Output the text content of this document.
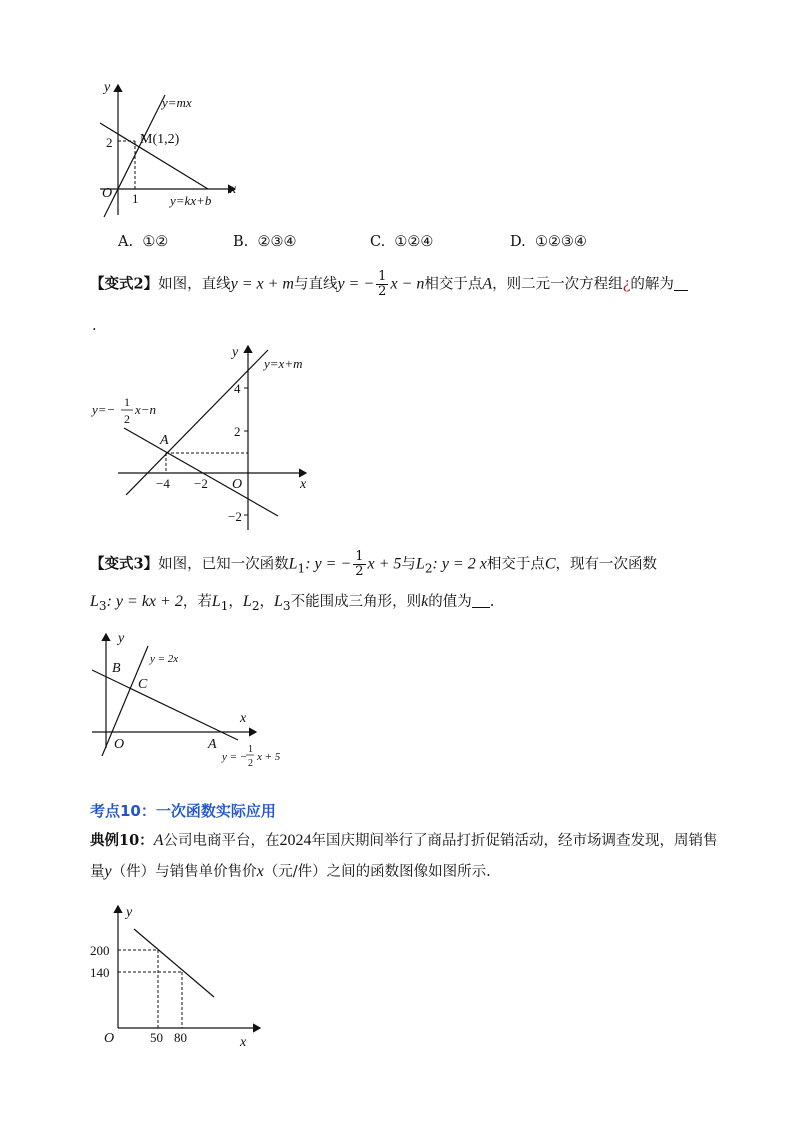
y
x
O
y=mx
M(1,2)
2
1 y=kx+b
A. ①②	B. ②③④	C. ①②④	D. ①②③④
【变式2】如图，直线y = x + m与直线y = − $\frac{1}{2}$ x − n相交于点A，则二元一次方程组¿的解为
.
y
x
O
y=x+m
y=− 1
2
x−n
A
4
2
−2
−4 −2
【变式3】如图，已知一次函数$L_1$: y = − $\frac{1}{2}$ x + 5与$L_2$: y = 2 x相交于点C，现有一次函数
$L_3$: y = kx + 2，若$L_1$，$L_2$，$L_3$不能围成三角形，则k的值为 .
y
x
O
B
C
A
y = 2x
y = −
1
2
x + 5
考点10：一次函数实际应用
典例10：A公司电商平台，在2024年国庆期间举行了商品打折促销活动，经市场调查发现，周销售
量y（件）与销售单价售价x（元/件）之间的函数图像如图所示.
y
x
O
200
140
50 80
